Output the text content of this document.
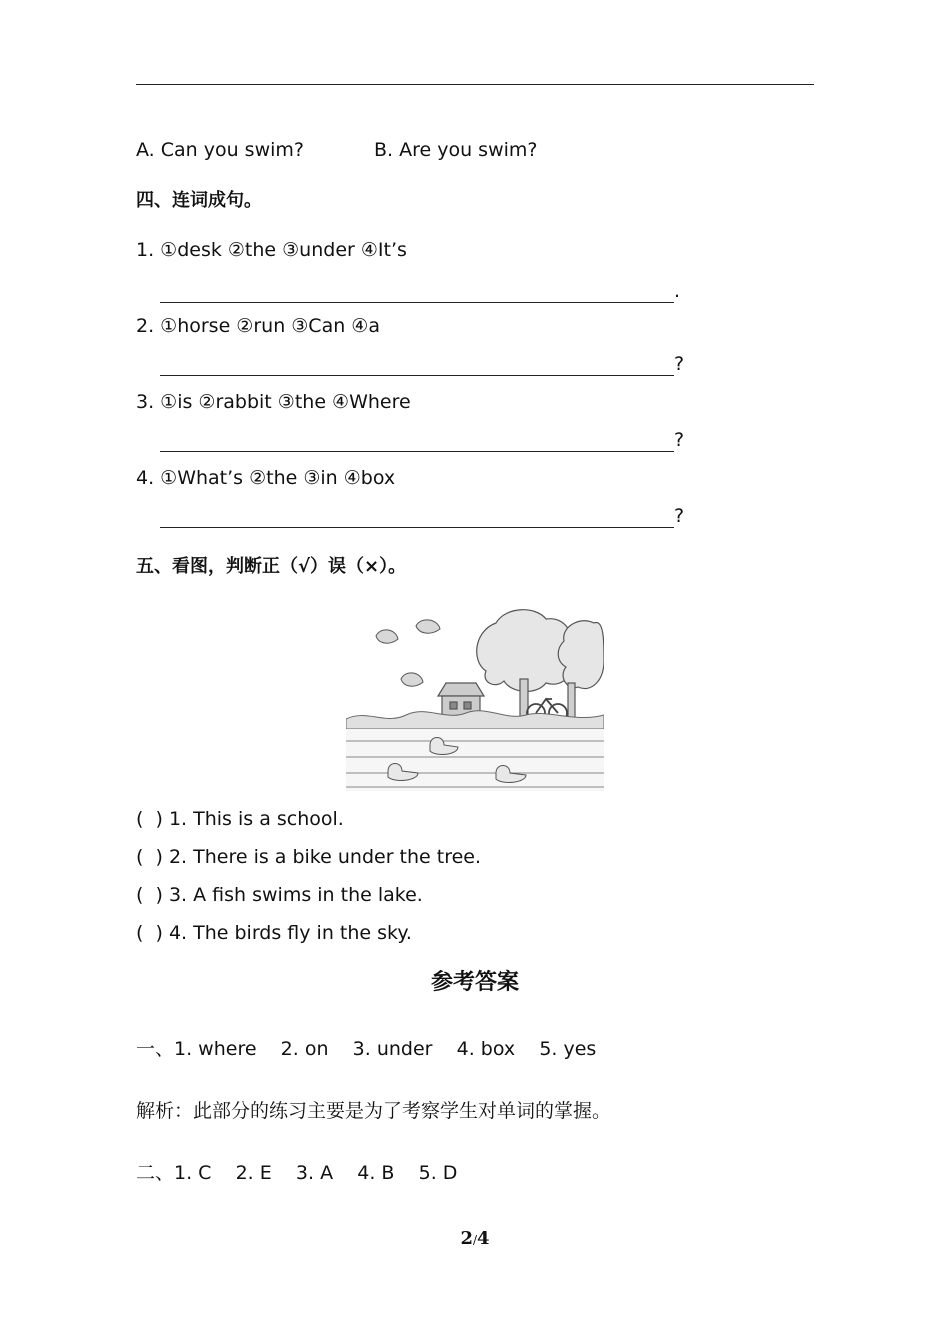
A. Can you swim?	B. Are you swim?
四、连词成句。
1. ①desk ②the ③under ④It’s
.
2. ①horse ②run ③Can ④a
?
3. ①is ②rabbit ③the ④Where
?
4. ①What’s ②the ③in ④box
?
五、看图，判断正（√）误（×）。
(  ) 1. This is a school.
(  ) 2. There is a bike under the tree.
(  ) 3. A fish swims in the lake.
(  ) 4. The birds fly in the sky.
参考答案
一、1. where    2. on    3. under    4. box    5. yes
解析：此部分的练习主要是为了考察学生对单词的掌握。
二、1. C    2. E    3. A    4. B    5. D
2/4
